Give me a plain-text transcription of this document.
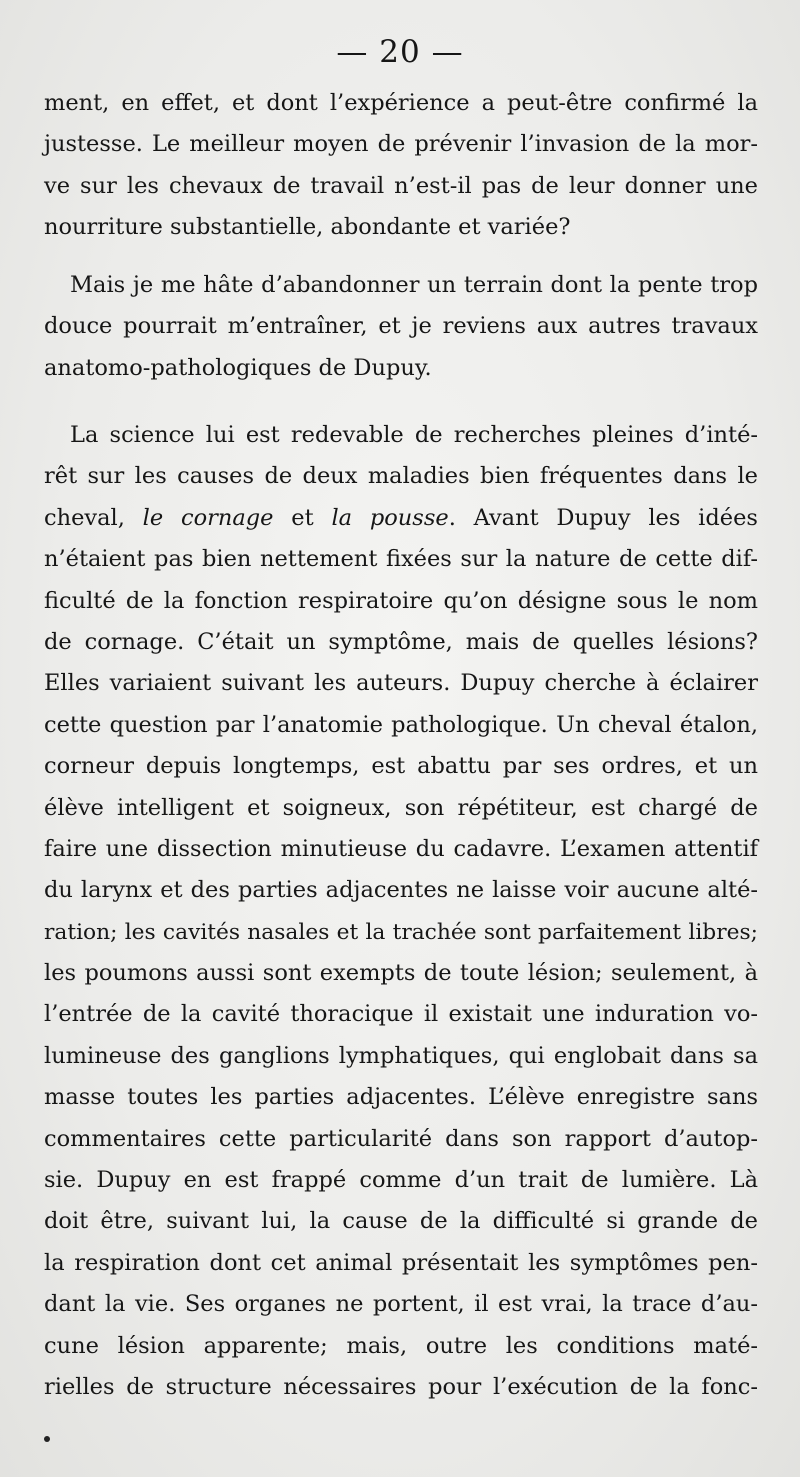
— 20 —
ment, en effet, et dont l’expérience a peut-être confirmé la
justesse. Le meilleur moyen de prévenir l’invasion de la mor-
ve sur les chevaux de travail n’est-il pas de leur donner une
nourriture substantielle, abondante et variée?
Mais je me hâte d’abandonner un terrain dont la pente trop
douce pourrait m’entraîner, et je reviens aux autres travaux
anatomo-pathologiques de Dupuy.
La science lui est redevable de recherches pleines d’inté-
rêt sur les causes de deux maladies bien fréquentes dans le
cheval, le cornage et la pousse. Avant Dupuy les idées
n’étaient pas bien nettement fixées sur la nature de cette dif-
ficulté de la fonction respiratoire qu’on désigne sous le nom
de cornage. C’était un symptôme, mais de quelles lésions?
Elles variaient suivant les auteurs. Dupuy cherche à éclairer
cette question par l’anatomie pathologique. Un cheval étalon,
corneur depuis longtemps, est abattu par ses ordres, et un
élève intelligent et soigneux, son répétiteur, est chargé de
faire une dissection minutieuse du cadavre. L’examen attentif
du larynx et des parties adjacentes ne laisse voir aucune alté-
ration; les cavités nasales et la trachée sont parfaitement libres;
les poumons aussi sont exempts de toute lésion; seulement, à
l’entrée de la cavité thoracique il existait une induration vo-
lumineuse des ganglions lymphatiques, qui englobait dans sa
masse toutes les parties adjacentes. L’élève enregistre sans
commentaires cette particularité dans son rapport d’autop-
sie. Dupuy en est frappé comme d’un trait de lumière. Là
doit être, suivant lui, la cause de la difficulté si grande de
la respiration dont cet animal présentait les symptômes pen-
dant la vie. Ses organes ne portent, il est vrai, la trace d’au-
cune lésion apparente; mais, outre les conditions maté-
rielles de structure nécessaires pour l’exécution de la fonc-
